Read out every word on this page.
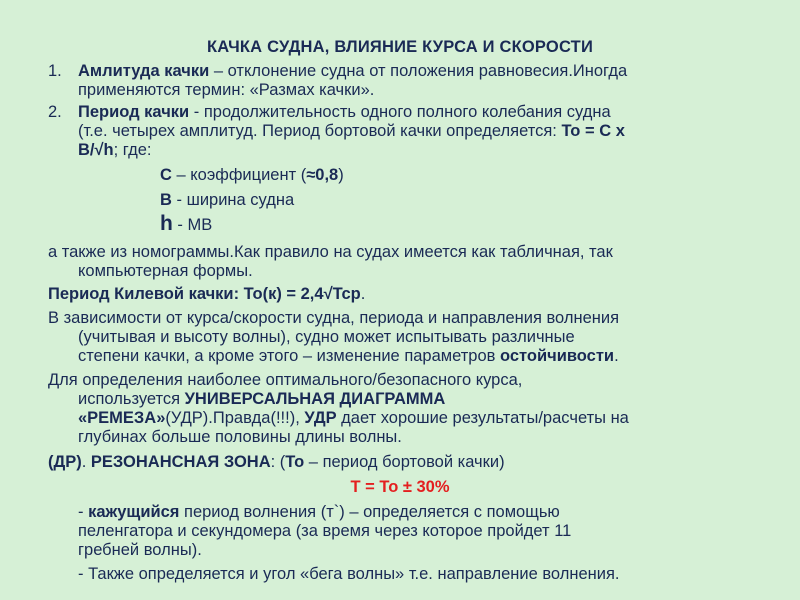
КАЧКА СУДНА, ВЛИЯНИЕ КУРСА И СКОРОСТИ
1. Амлитуда качки – отклонение судна от положения равновесия.Иногда
применяются термин: «Размах качки».
2. Период качки - продолжительность одного полного колебания судна
(т.е. четырех амплитуд. Период бортовой качки определяется: To = C x
B/√h; где:
C – коэффициент (≈0,8)
B - ширина судна
h - MB
а также из номограммы.Как правило на судах имеется как табличная, так
компьютерная формы.
Период Килевой качки: To(к) = 2,4√Tcp.
В зависимости от курса/скорости судна, периода и направления волнения
(учитывая и высоту волны), судно может испытывать различные
степени качки, а кроме этого – изменение параметров остойчивости.
Для определения наиболее оптимального/безопасного курса,
используется УНИВЕРСАЛЬНАЯ ДИАГРАММА
«РЕМЕЗА»(УДР).Правда(!!!), УДР дает хорошие результаты/расчеты на
глубинах больше половины длины волны.
(ДР). РЕЗОНАНСНАЯ ЗОНА: (To – период бортовой качки)
T = To ± 30%
- кажущийся период волнения (т`) – определяется с помощью
пеленгатора и секундомера (за время через которое пройдет 11
гребней волны).
- Также определяется и угол «бега волны» т.е. направление волнения.
